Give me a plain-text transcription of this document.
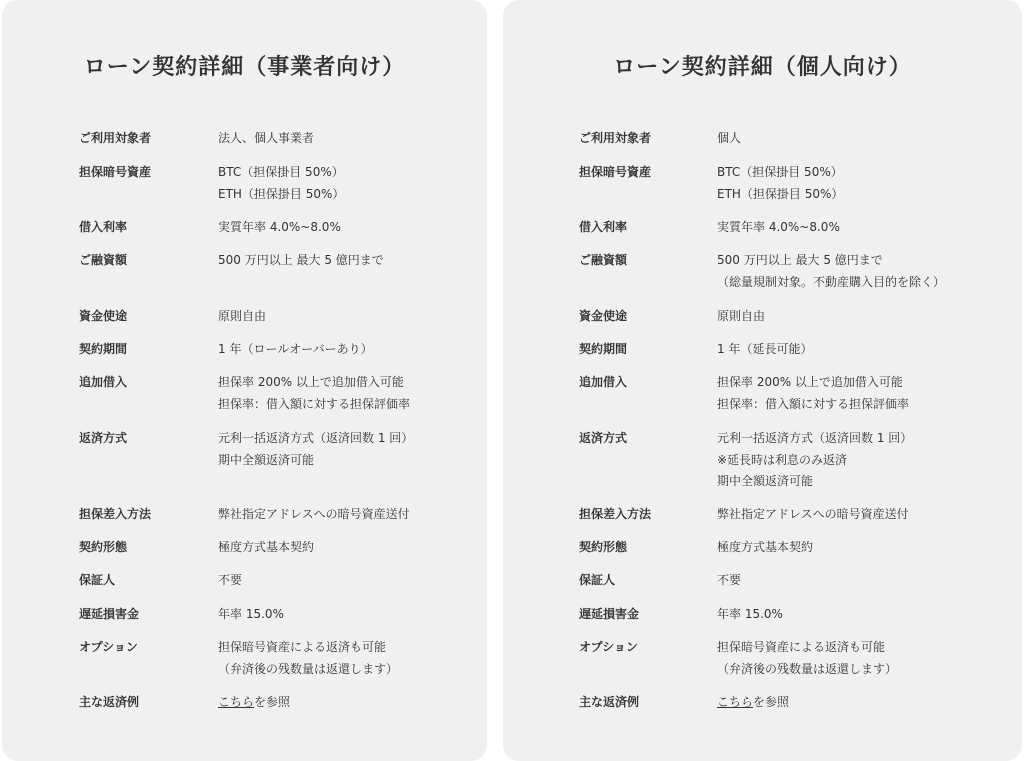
ローン契約詳細（事業者向け）
ご利用対象者	法人、個人事業者
担保暗号資産	BTC（担保掛目 50%）
ETH（担保掛目 50%）
借入利率	実質年率 4.0%~8.0%
ご融資額	500 万円以上 最大 5 億円まで
資金使途	原則自由
契約期間	1 年（ロールオーバーあり）
追加借入	担保率 200% 以上で追加借入可能
担保率：借入額に対する担保評価率
返済方式	元利一括返済方式（返済回数 1 回）
期中全額返済可能
担保差入方法	弊社指定アドレスへの暗号資産送付
契約形態	極度方式基本契約
保証人	不要
遅延損害金	年率 15.0%
オプション	担保暗号資産による返済も可能
（弁済後の残数量は返還します）
主な返済例	こちらを参照
ローン契約詳細（個人向け）
ご利用対象者	個人
担保暗号資産	BTC（担保掛目 50%）
ETH（担保掛目 50%）
借入利率	実質年率 4.0%~8.0%
ご融資額	500 万円以上 最大 5 億円まで
（総量規制対象。不動産購入目的を除く）
資金使途	原則自由
契約期間	1 年（延長可能）
追加借入	担保率 200% 以上で追加借入可能
担保率：借入額に対する担保評価率
返済方式	元利一括返済方式（返済回数 1 回）
※延長時は利息のみ返済
期中全額返済可能
担保差入方法	弊社指定アドレスへの暗号資産送付
契約形態	極度方式基本契約
保証人	不要
遅延損害金	年率 15.0%
オプション	担保暗号資産による返済も可能
（弁済後の残数量は返還します）
主な返済例	こちらを参照
